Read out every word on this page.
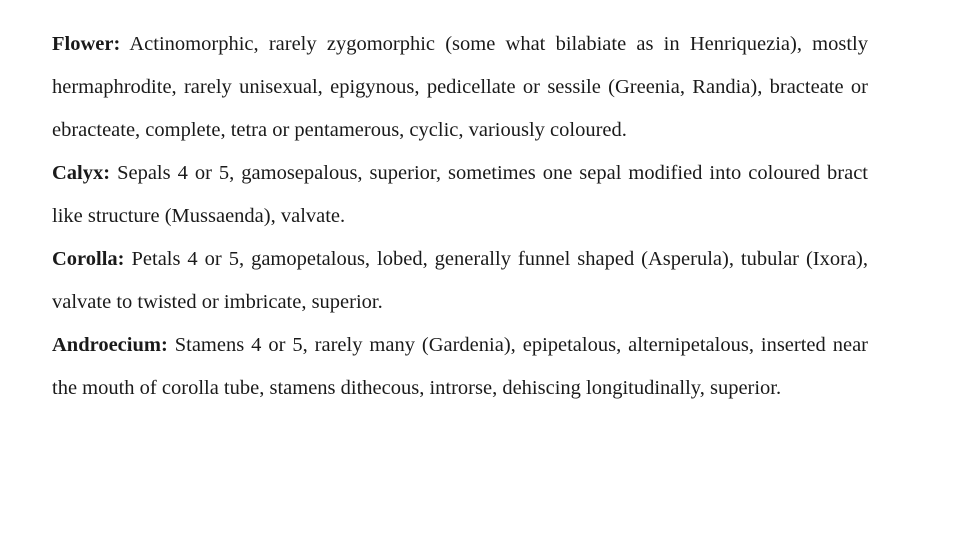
Flower: Actinomorphic, rarely zygomorphic (some what bilabiate as in Henriquezia), mostly hermaphrodite, rarely unisexual, epigynous, pedicellate or sessile (Greenia, Randia), bracteate or ebracteate, complete, tetra or pentamerous, cyclic, variously coloured.

Calyx: Sepals 4 or 5, gamosepalous, superior, sometimes one sepal modified into coloured bract like structure (Mussaenda), valvate.

Corolla: Petals 4 or 5, gamopetalous, lobed, generally funnel shaped (Asperula), tubular (Ixora), valvate to twisted or imbricate, superior.

Androecium: Stamens 4 or 5, rarely many (Gardenia), epipetalous, alternipetalous, inserted near the mouth of corolla tube, stamens dithecous, introrse, dehiscing longitudinally, superior.
